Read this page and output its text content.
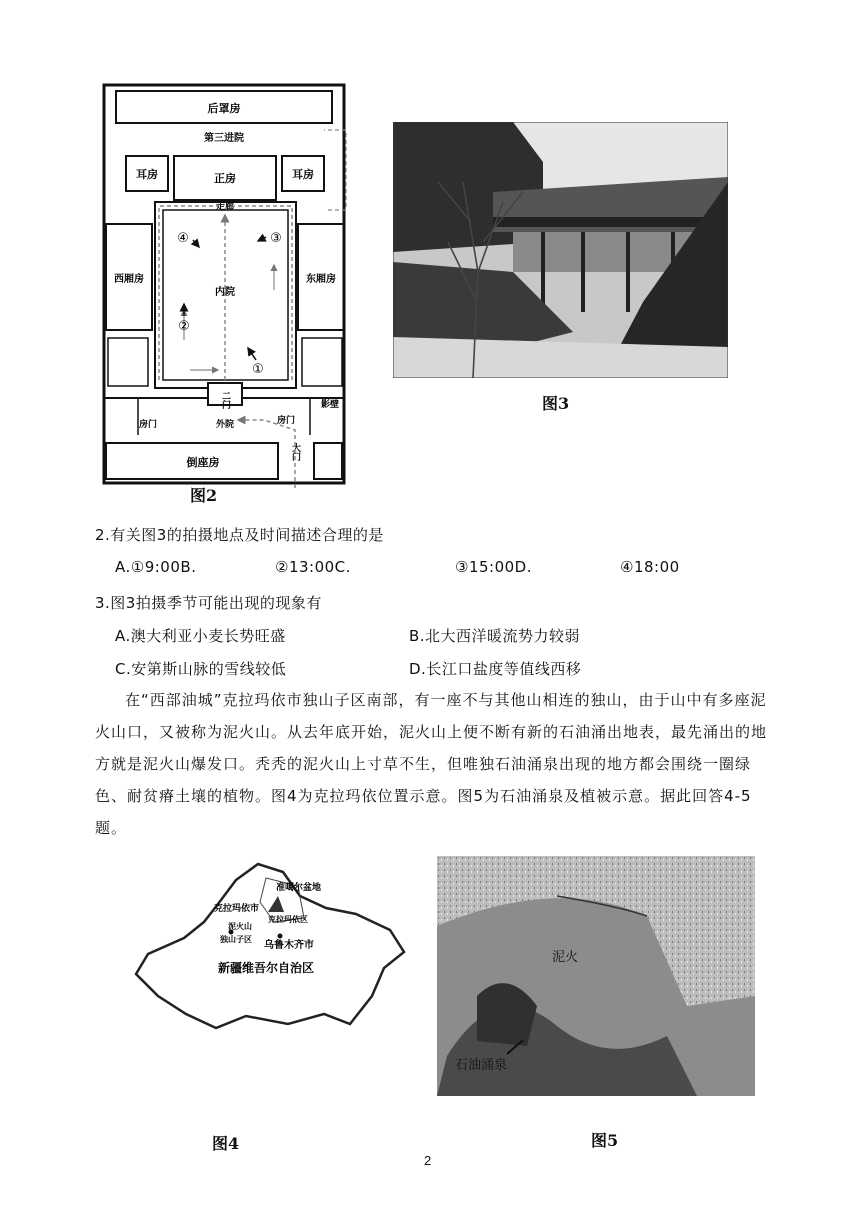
后罩房
第三进院
耳房	正房	耳房
走廊
西厢房	东厢房
内院
二门
房门	外院	房门
影壁
大门
倒座房
①
②
③
④
图2
图3
2.有关图3的拍摄地点及时间描述合理的是
A.①9:00B.	②13:00C.	③15:00D.	④18:00
3.图3拍摄季节可能出现的现象有
A.澳大利亚小麦长势旺盛	B.北大西洋暖流势力较弱
C.安第斯山脉的雪线较低	D.长江口盐度等值线西移
在“西部油城”克拉玛依市独山子区南部，有一座不与其他山相连的独山，由于山中有多座泥火山口，又被称为泥火山。从去年底开始，泥火山上便不断有新的石油涌出地表，最先涌出的地方就是泥火山爆发口。秃秃的泥火山上寸草不生，但唯独石油涌泉出现的地方都会围绕一圈绿色、耐贫瘠土壤的植物。图4为克拉玛依位置示意。图5为石油涌泉及植被示意。据此回答4-5题。
准噶尔盆地
克拉玛依市
克拉玛依区
泥火山
独山子区
乌鲁木齐市
新疆维吾尔自治区
图4
泥火
石油涌泉
图5
2
